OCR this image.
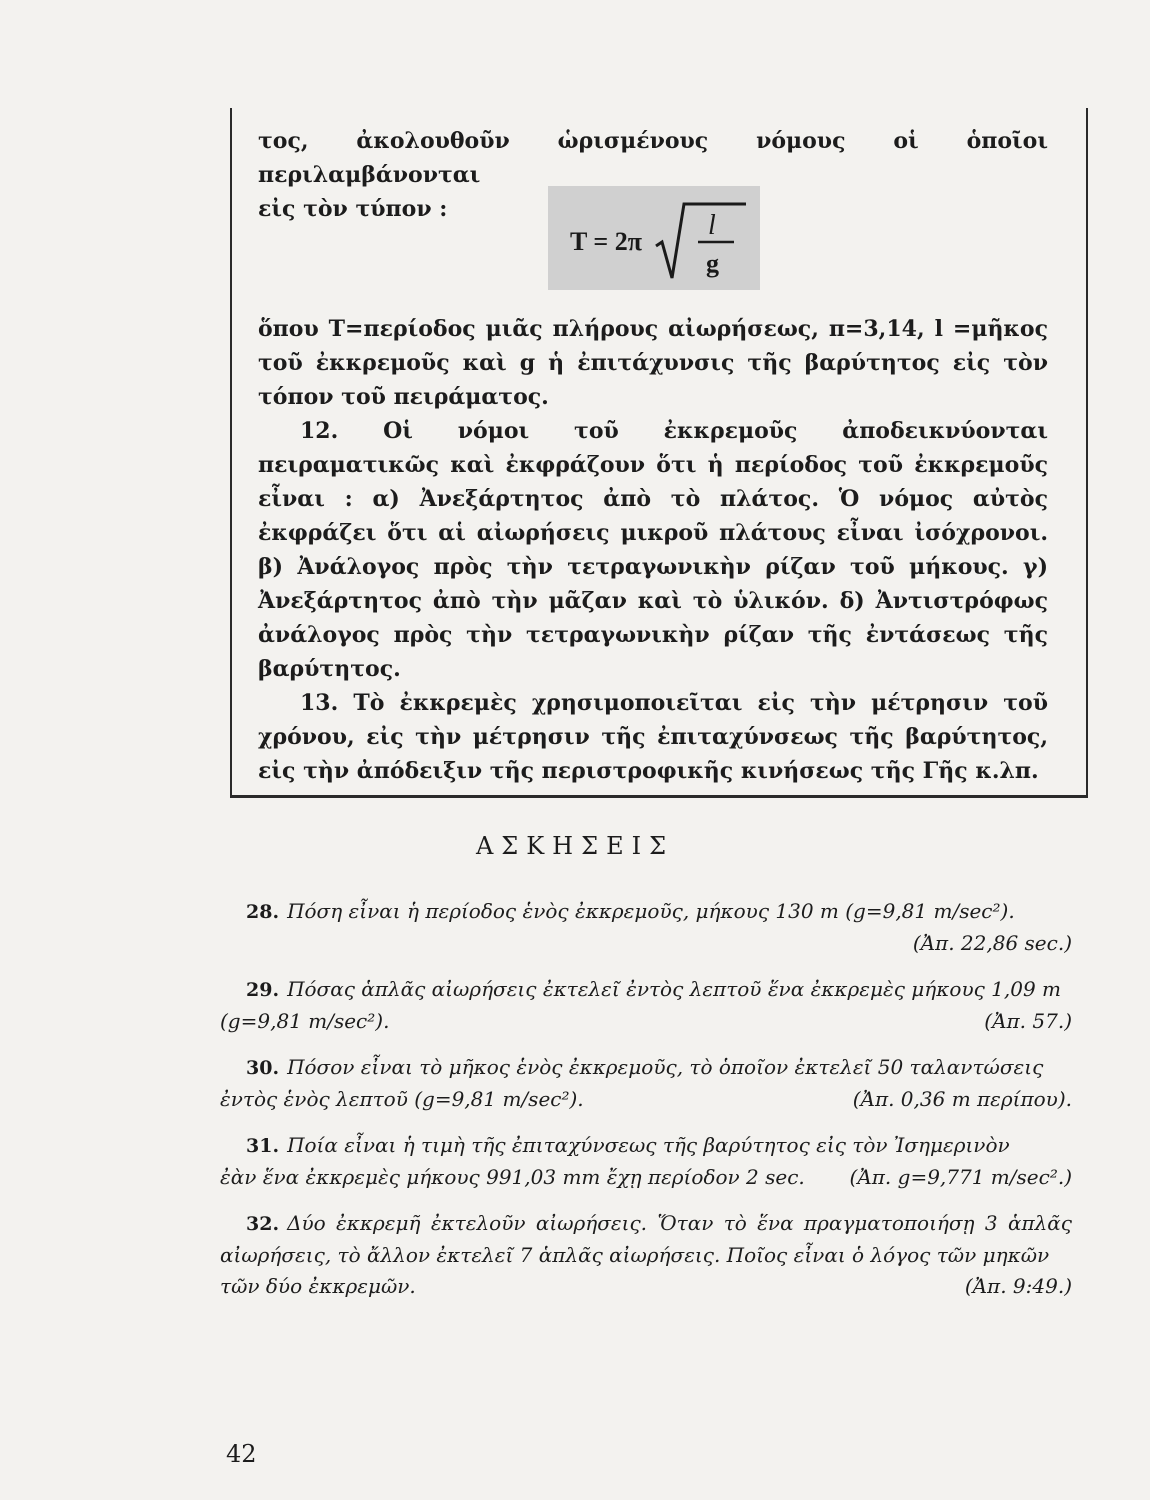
τος, ἀκολουθοῦν ὡρισμένους νόμους οἱ ὁποῖοι περιλαμβάνονται

εἰς τὸν τύπον :

T = 2π
l
g

ὅπου T=περίοδος μιᾶς πλήρους αἰωρήσεως, π=3,14, l =μῆκος τοῦ ἐκκρεμοῦς καὶ g ἡ ἐπιτάχυνσις τῆς βαρύτητος εἰς τὸν τόπον τοῦ πειράματος.

12. Οἱ νόμοι τοῦ ἐκκρεμοῦς ἀποδεικνύονται πειραματικῶς καὶ ἐκφράζουν ὅτι ἡ περίοδος τοῦ ἐκκρεμοῦς εἶναι : α) Ἀνεξάρτητος ἀπὸ τὸ πλάτος. Ὁ νόμος αὐτὸς ἐκφράζει ὅτι αἱ αἰωρήσεις μικροῦ πλάτους εἶναι ἰσόχρονοι. β) Ἀνάλογος πρὸς τὴν τετραγωνικὴν ρίζαν τοῦ μήκους. γ) Ἀνεξάρτητος ἀπὸ τὴν μᾶζαν καὶ τὸ ὑλικόν. δ) Ἀντιστρόφως ἀνάλογος πρὸς τὴν τετραγωνικὴν ρίζαν τῆς ἐντάσεως τῆς βαρύτητος.

13. Τὸ ἐκκρεμὲς χρησιμοποιεῖται εἰς τὴν μέτρησιν τοῦ χρόνου, εἰς τὴν μέτρησιν τῆς ἐπιταχύνσεως τῆς βαρύτητος, εἰς τὴν ἀπόδειξιν τῆς περιστροφικῆς κινήσεως τῆς Γῆς κ.λπ.

ΑΣΚΗΣΕΙΣ
28. Πόση εἶναι ἡ περίοδος ἑνὸς ἐκκρεμοῦς, μήκους 130 m (g=9,81 m/sec²).
(Ἀπ. 22,86 sec.)
29. Πόσας ἁπλᾶς αἰωρήσεις ἐκτελεῖ ἐντὸς λεπτοῦ ἕνα ἐκκρεμὲς μήκους 1,09 m
(g=9,81 m/sec²).	(Ἀπ. 57.)
30. Πόσον εἶναι τὸ μῆκος ἑνὸς ἐκκρεμοῦς, τὸ ὁποῖον ἐκτελεῖ 50 ταλαντώσεις
ἐντὸς ἑνὸς λεπτοῦ (g=9,81 m/sec²).	(Ἀπ. 0,36 m περίπου).
31. Ποία εἶναι ἡ τιμὴ τῆς ἐπιταχύνσεως τῆς βαρύτητος εἰς τὸν Ἰσημερινὸν
ἐὰν ἕνα ἐκκρεμὲς μήκους 991,03 mm ἔχῃ περίοδον 2 sec. (Ἀπ. g=9,771 m/sec².)
32. Δύο ἐκκρεμῆ ἐκτελοῦν αἰωρήσεις. Ὅταν τὸ ἕνα πραγματοποιήσῃ 3 ἁπλᾶς αἰωρήσεις, τὸ ἄλλον ἐκτελεῖ 7 ἁπλᾶς αἰωρήσεις. Ποῖος εἶναι ὁ λόγος τῶν μηκῶν
τῶν δύο ἐκκρεμῶν.	(Ἀπ. 9:49.)
42
